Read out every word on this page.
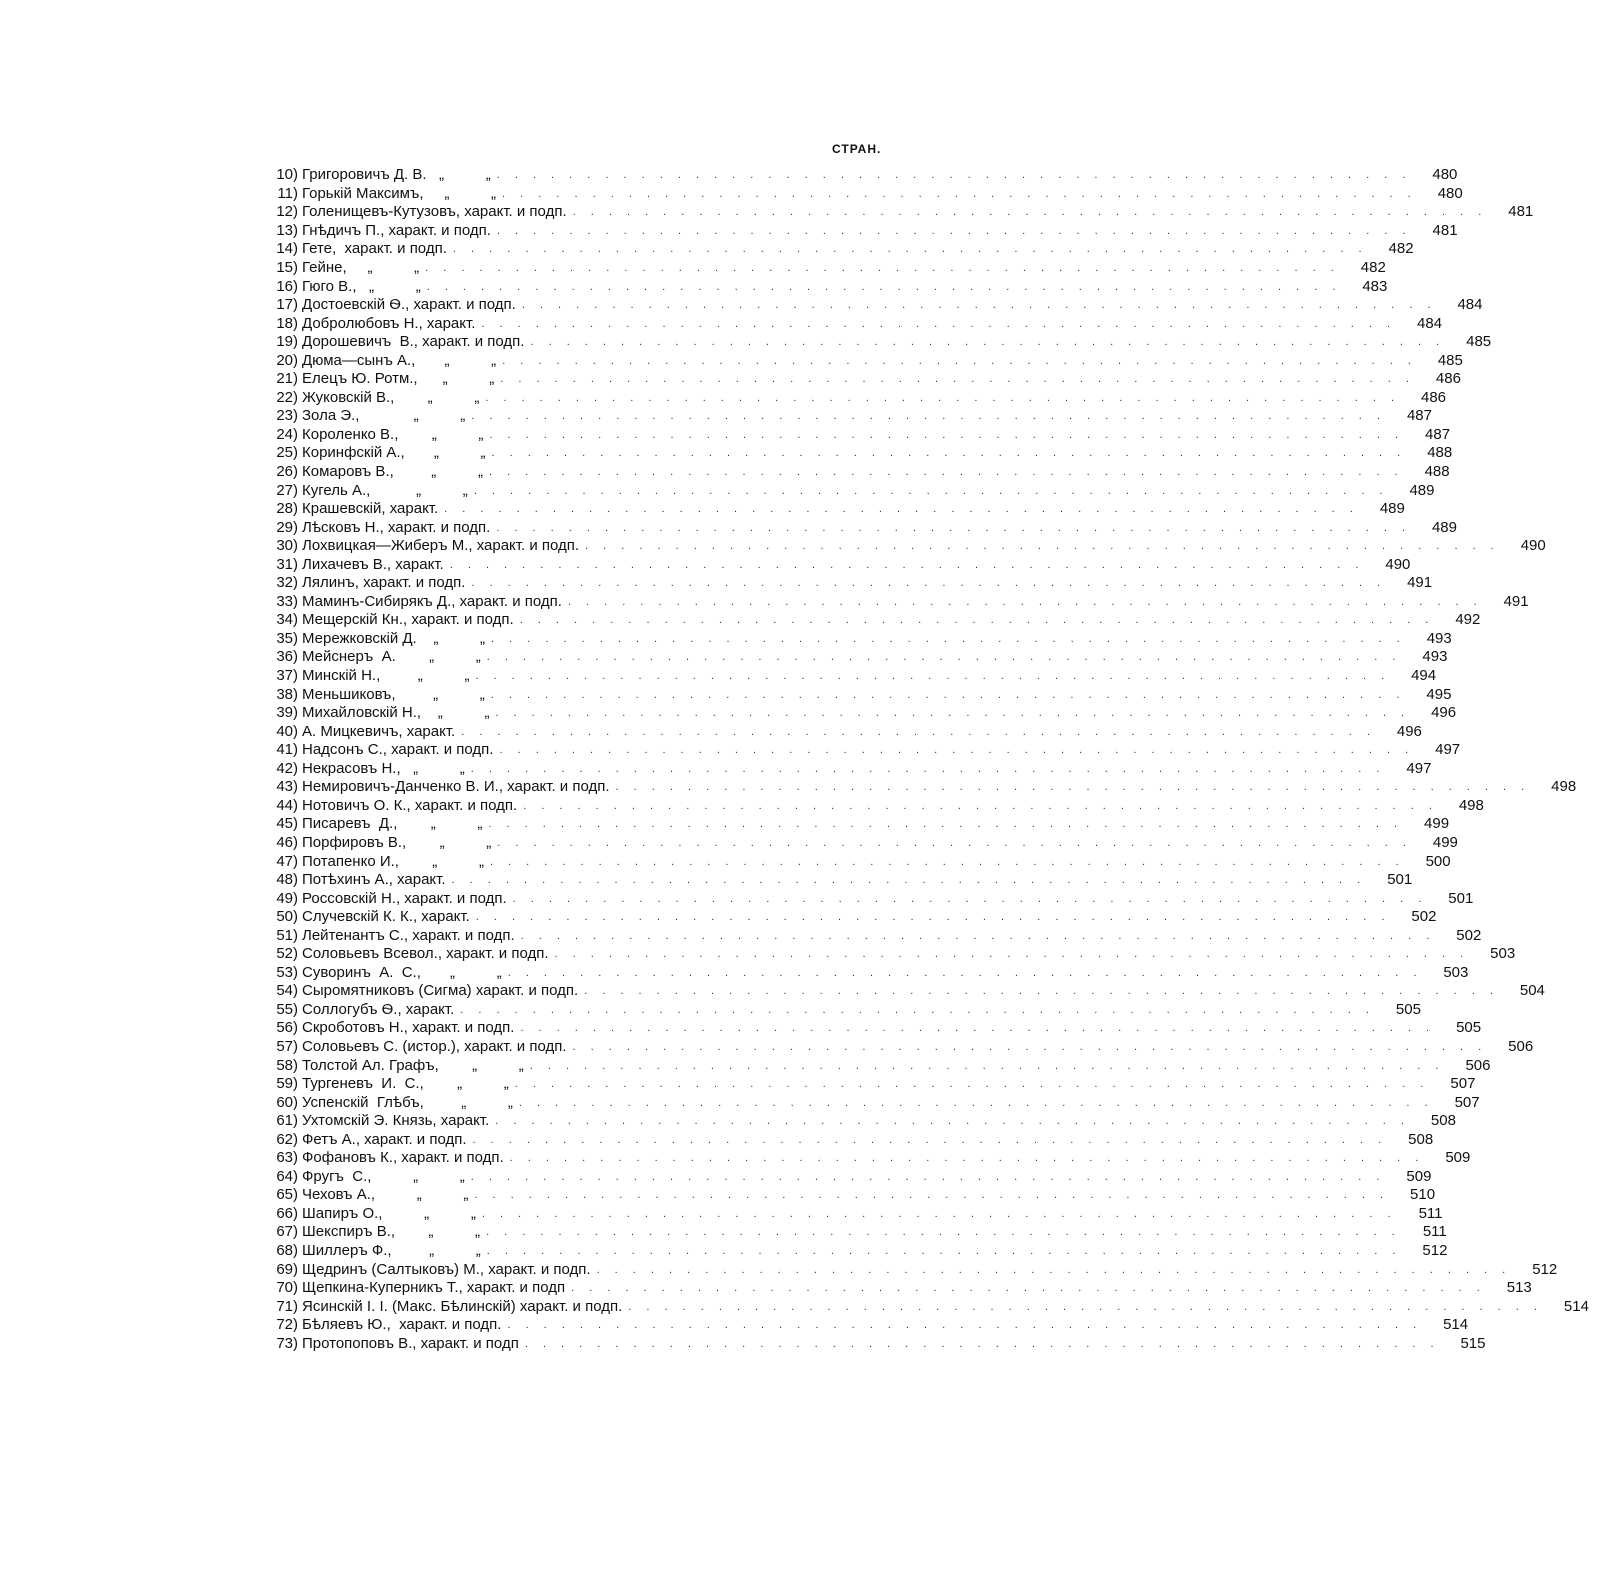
СТРАН.
10) Григоровичъ Д. В.   „          „ . . . . . . . . . . . . . . . . . . . . . . . . . . . . . . . . . . . . . . . . . . . . . . . . . . .	480
11) Горькій Максимъ,     „          „ . . . . . . . . . . . . . . . . . . . . . . . . . . . . . . . . . . . . . . . . . . . . . . . . . . .	480
12) Голенищевъ-Кутузовъ, характ. и подп. . . . . . . . . . . . . . . . . . . . . . . . . . . . . . . . . . . . . . . . . . . . . . . . . . . .	481
13) Гнѣдичъ П., характ. и подп. . . . . . . . . . . . . . . . . . . . . . . . . . . . . . . . . . . . . . . . . . . . . . . . . . . .	481
14) Гете,  характ. и подп. . . . . . . . . . . . . . . . . . . . . . . . . . . . . . . . . . . . . . . . . . . . . . . . . . . .	482
15) Гейне,     „          „ . . . . . . . . . . . . . . . . . . . . . . . . . . . . . . . . . . . . . . . . . . . . . . . . . . .	482
16) Гюго В.,   „          „ . . . . . . . . . . . . . . . . . . . . . . . . . . . . . . . . . . . . . . . . . . . . . . . . . . .	483
17) Достоевскій Ѳ., характ. и подп. . . . . . . . . . . . . . . . . . . . . . . . . . . . . . . . . . . . . . . . . . . . . . . . . . . .	484
18) Добролюбовъ Н., характ. . . . . . . . . . . . . . . . . . . . . . . . . . . . . . . . . . . . . . . . . . . . . . . . . . . .	484
19) Дорошевичъ  В., характ. и подп. . . . . . . . . . . . . . . . . . . . . . . . . . . . . . . . . . . . . . . . . . . . . . . . . . . .	485
20) Дюма—сынъ А.,       „          „ . . . . . . . . . . . . . . . . . . . . . . . . . . . . . . . . . . . . . . . . . . . . . . . . . . .	485
21) Елецъ Ю. Ротм.,      „          „ . . . . . . . . . . . . . . . . . . . . . . . . . . . . . . . . . . . . . . . . . . . . . . . . . . .	486
22) Жуковскій В.,        „          „ . . . . . . . . . . . . . . . . . . . . . . . . . . . . . . . . . . . . . . . . . . . . . . . . . . .	486
23) Зола Э.,             „          „ . . . . . . . . . . . . . . . . . . . . . . . . . . . . . . . . . . . . . . . . . . . . . . . . . . .	487
24) Короленко В.,        „          „ . . . . . . . . . . . . . . . . . . . . . . . . . . . . . . . . . . . . . . . . . . . . . . . . . . .	487
25) Коринфскій А.,       „          „ . . . . . . . . . . . . . . . . . . . . . . . . . . . . . . . . . . . . . . . . . . . . . . . . . . .	488
26) Комаровъ В.,         „          „ . . . . . . . . . . . . . . . . . . . . . . . . . . . . . . . . . . . . . . . . . . . . . . . . . . .	488
27) Кугель А.,           „          „ . . . . . . . . . . . . . . . . . . . . . . . . . . . . . . . . . . . . . . . . . . . . . . . . . . .	489
28) Крашевскій, характ. . . . . . . . . . . . . . . . . . . . . . . . . . . . . . . . . . . . . . . . . . . . . . . . . . . .	489
29) Лѣсковъ Н., характ. и подп. . . . . . . . . . . . . . . . . . . . . . . . . . . . . . . . . . . . . . . . . . . . . . . . . . . .	489
30) Лохвицкая—Жиберъ М., характ. и подп. . . . . . . . . . . . . . . . . . . . . . . . . . . . . . . . . . . . . . . . . . . . . . . . . . . .	490
31) Лихачевъ В., характ. . . . . . . . . . . . . . . . . . . . . . . . . . . . . . . . . . . . . . . . . . . . . . . . . . . .	490
32) Лялинъ, характ. и подп. . . . . . . . . . . . . . . . . . . . . . . . . . . . . . . . . . . . . . . . . . . . . . . . . . . .	491
33) Маминъ-Сибирякъ Д., характ. и подп. . . . . . . . . . . . . . . . . . . . . . . . . . . . . . . . . . . . . . . . . . . . . . . . . . . .	491
34) Мещерскій Кн., характ. и подп. . . . . . . . . . . . . . . . . . . . . . . . . . . . . . . . . . . . . . . . . . . . . . . . . . . .	492
35) Мережковскій Д.    „          „ . . . . . . . . . . . . . . . . . . . . . . . . . . . . . . . . . . . . . . . . . . . . . . . . . . .	493
36) Мейснеръ  А.        „          „ . . . . . . . . . . . . . . . . . . . . . . . . . . . . . . . . . . . . . . . . . . . . . . . . . . .	493
37) Минскій Н.,         „          „ . . . . . . . . . . . . . . . . . . . . . . . . . . . . . . . . . . . . . . . . . . . . . . . . . . .	494
38) Меньшиковъ,         „          „ . . . . . . . . . . . . . . . . . . . . . . . . . . . . . . . . . . . . . . . . . . . . . . . . . . .	495
39) Михайловскій Н.,    „          „ . . . . . . . . . . . . . . . . . . . . . . . . . . . . . . . . . . . . . . . . . . . . . . . . . . .	496
40) А. Мицкевичъ, характ. . . . . . . . . . . . . . . . . . . . . . . . . . . . . . . . . . . . . . . . . . . . . . . . . . . .	496
41) Надсонъ С., характ. и подп. . . . . . . . . . . . . . . . . . . . . . . . . . . . . . . . . . . . . . . . . . . . . . . . . . . .	497
42) Некрасовъ Н.,   „          „ . . . . . . . . . . . . . . . . . . . . . . . . . . . . . . . . . . . . . . . . . . . . . . . . . . .	497
43) Немировичъ-Данченко В. И., характ. и подп. . . . . . . . . . . . . . . . . . . . . . . . . . . . . . . . . . . . . . . . . . . . . . . . . . . .	498
44) Нотовичъ О. К., характ. и подп. . . . . . . . . . . . . . . . . . . . . . . . . . . . . . . . . . . . . . . . . . . . . . . . . . . .	498
45) Писаревъ  Д.,        „          „ . . . . . . . . . . . . . . . . . . . . . . . . . . . . . . . . . . . . . . . . . . . . . . . . . . .	499
46) Порфировъ В.,        „          „ . . . . . . . . . . . . . . . . . . . . . . . . . . . . . . . . . . . . . . . . . . . . . . . . . . .	499
47) Потапенко И.,        „          „ . . . . . . . . . . . . . . . . . . . . . . . . . . . . . . . . . . . . . . . . . . . . . . . . . . .	500
48) Потѣхинъ А., характ. . . . . . . . . . . . . . . . . . . . . . . . . . . . . . . . . . . . . . . . . . . . . . . . . . . .	501
49) Россовскій Н., характ. и подп. . . . . . . . . . . . . . . . . . . . . . . . . . . . . . . . . . . . . . . . . . . . . . . . . . . .	501
50) Случевскій К. К., характ. . . . . . . . . . . . . . . . . . . . . . . . . . . . . . . . . . . . . . . . . . . . . . . . . . . .	502
51) Лейтенантъ С., характ. и подп. . . . . . . . . . . . . . . . . . . . . . . . . . . . . . . . . . . . . . . . . . . . . . . . . . . .	502
52) Соловьевъ Всевол., характ. и подп. . . . . . . . . . . . . . . . . . . . . . . . . . . . . . . . . . . . . . . . . . . . . . . . . . . .	503
53) Суворинъ  А.  С.,       „          „ . . . . . . . . . . . . . . . . . . . . . . . . . . . . . . . . . . . . . . . . . . . . . . . . . . .	503
54) Сыромятниковъ (Сигма) характ. и подп. . . . . . . . . . . . . . . . . . . . . . . . . . . . . . . . . . . . . . . . . . . . . . . . . . . .	504
55) Соллогубъ Ѳ., характ. . . . . . . . . . . . . . . . . . . . . . . . . . . . . . . . . . . . . . . . . . . . . . . . . . . .	505
56) Скроботовъ Н., характ. и подп. . . . . . . . . . . . . . . . . . . . . . . . . . . . . . . . . . . . . . . . . . . . . . . . . . . .	505
57) Соловьевъ С. (истор.), характ. и подп. . . . . . . . . . . . . . . . . . . . . . . . . . . . . . . . . . . . . . . . . . . . . . . . . . . .	506
58) Толстой Ал. Графъ,        „          „ . . . . . . . . . . . . . . . . . . . . . . . . . . . . . . . . . . . . . . . . . . . . . . . . . . .	506
59) Тургеневъ  И.  С.,        „          „ . . . . . . . . . . . . . . . . . . . . . . . . . . . . . . . . . . . . . . . . . . . . . . . . . . .	507
60) Успенскій  Глѣбъ,         „          „ . . . . . . . . . . . . . . . . . . . . . . . . . . . . . . . . . . . . . . . . . . . . . . . . . . .	507
61) Ухтомскій Э. Князь, характ. . . . . . . . . . . . . . . . . . . . . . . . . . . . . . . . . . . . . . . . . . . . . . . . . . . .	508
62) Фетъ А., характ. и подп. . . . . . . . . . . . . . . . . . . . . . . . . . . . . . . . . . . . . . . . . . . . . . . . . . . .	508
63) Фофановъ К., характ. и подп. . . . . . . . . . . . . . . . . . . . . . . . . . . . . . . . . . . . . . . . . . . . . . . . . . . .	509
64) Фругъ  С.,          „          „ . . . . . . . . . . . . . . . . . . . . . . . . . . . . . . . . . . . . . . . . . . . . . . . . . . .	509
65) Чеховъ А.,          „          „ . . . . . . . . . . . . . . . . . . . . . . . . . . . . . . . . . . . . . . . . . . . . . . . . . . .	510
66) Шапиръ О.,          „          „ . . . . . . . . . . . . . . . . . . . . . . . . . . . . . . . . . . . . . . . . . . . . . . . . . . .	511
67) Шекспиръ В.,        „          „ . . . . . . . . . . . . . . . . . . . . . . . . . . . . . . . . . . . . . . . . . . . . . . . . . . .	511
68) Шиллеръ Ф.,         „          „ . . . . . . . . . . . . . . . . . . . . . . . . . . . . . . . . . . . . . . . . . . . . . . . . . . .	512
69) Щедринъ (Салтыковъ) М., характ. и подп. . . . . . . . . . . . . . . . . . . . . . . . . . . . . . . . . . . . . . . . . . . . . . . . . . . .	512
70) Щепкина-Куперникъ Т., характ. и подп . . . . . . . . . . . . . . . . . . . . . . . . . . . . . . . . . . . . . . . . . . . . . . . . . . .	513
71) Ясинскій І. І. (Макс. Бѣлинскій) характ. и подп. . . . . . . . . . . . . . . . . . . . . . . . . . . . . . . . . . . . . . . . . . . . . . . . . . . .	514
72) Бѣляевъ Ю.,  характ. и подп. . . . . . . . . . . . . . . . . . . . . . . . . . . . . . . . . . . . . . . . . . . . . . . . . . . .	514
73) Протопоповъ В., характ. и подп . . . . . . . . . . . . . . . . . . . . . . . . . . . . . . . . . . . . . . . . . . . . . . . . . . .	515
